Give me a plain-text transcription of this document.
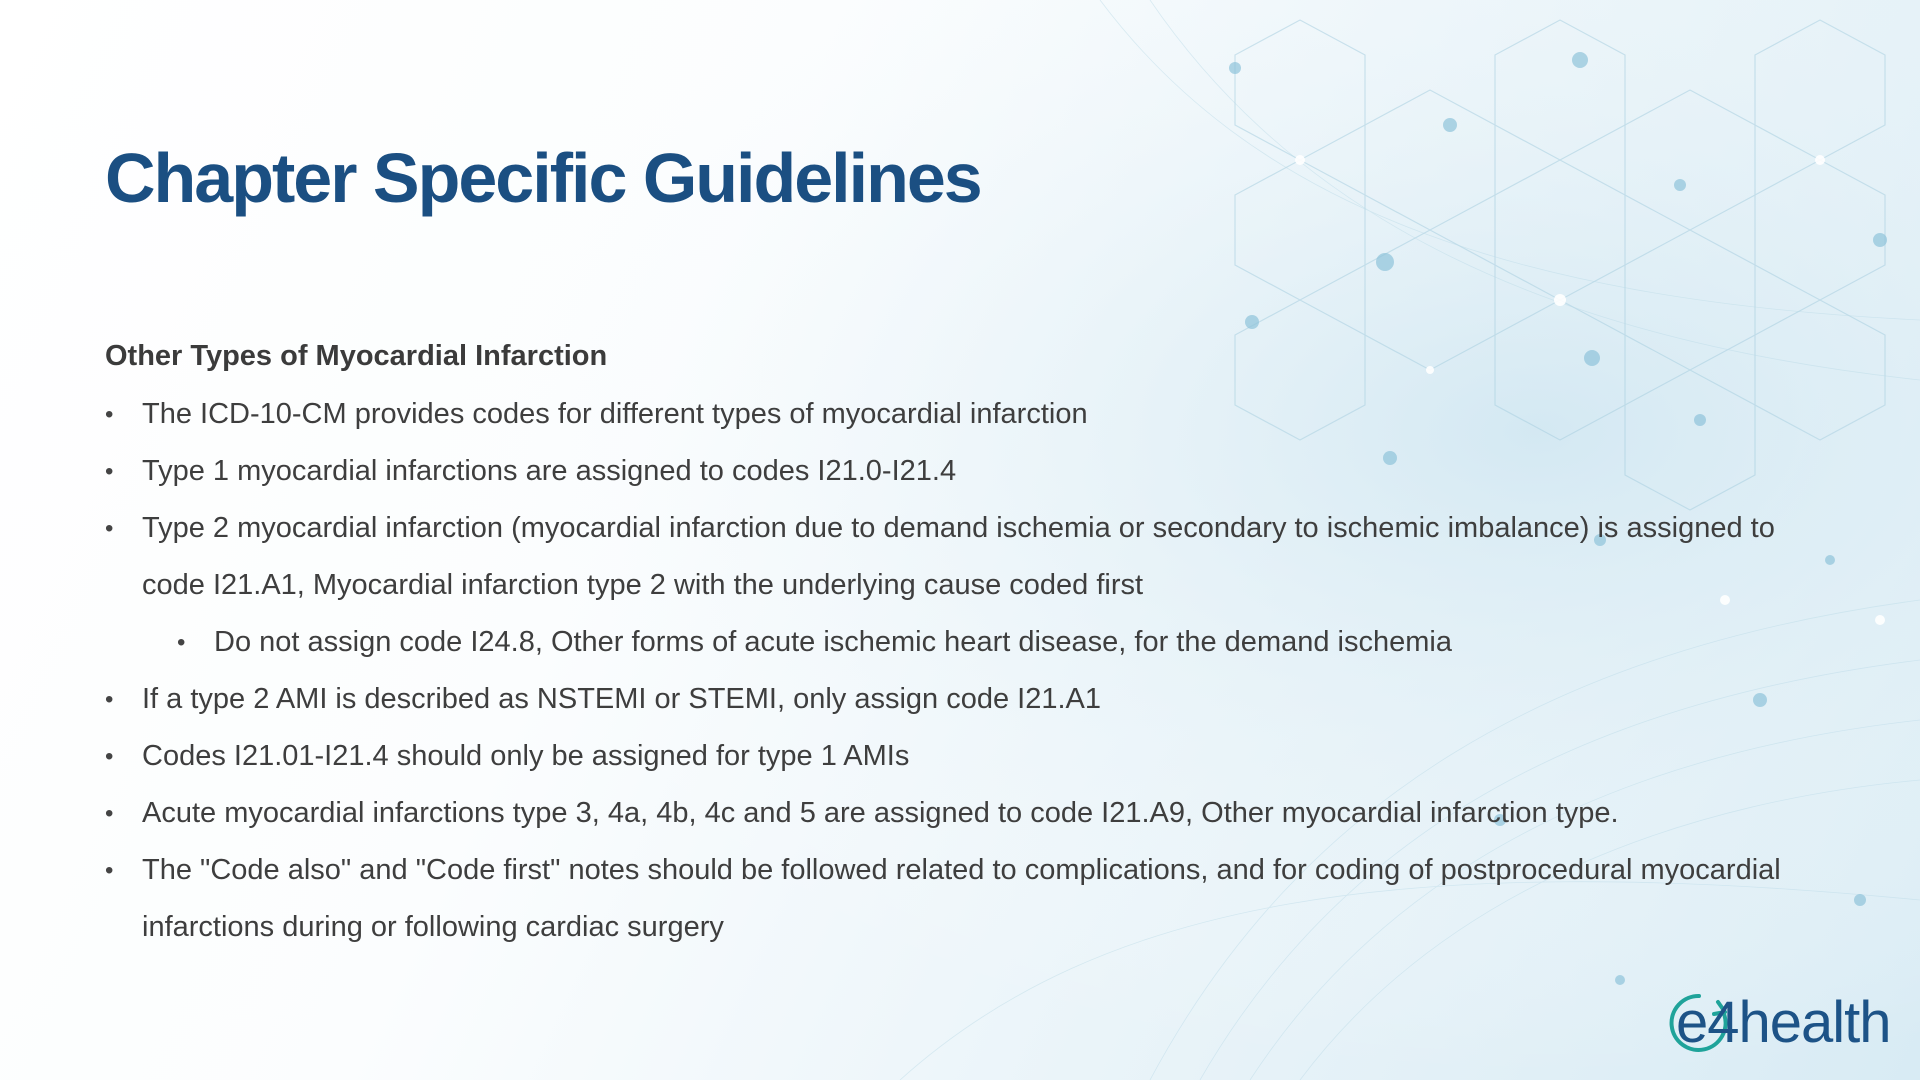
Chapter Specific Guidelines
Other Types of Myocardial Infarction
• The ICD-10-CM provides codes for different types of myocardial infarction
• Type 1 myocardial infarctions are assigned to codes I21.0-I21.4
• Type 2 myocardial infarction (myocardial infarction due to demand ischemia or secondary to ischemic imbalance) is assigned to code I21.A1, Myocardial infarction type 2 with the underlying cause coded first
• Do not assign code I24.8, Other forms of acute ischemic heart disease, for the demand ischemia
• If a type 2 AMI is described as NSTEMI or STEMI, only assign code I21.A1
• Codes I21.01-I21.4 should only be assigned for type 1 AMIs
• Acute myocardial infarctions type 3, 4a, 4b, 4c and 5 are assigned to code I21.A9, Other myocardial infarction type.
• The "Code also" and "Code first" notes should be followed related to complications, and for coding of postprocedural myocardial infarctions during or following cardiac surgery
e4health
